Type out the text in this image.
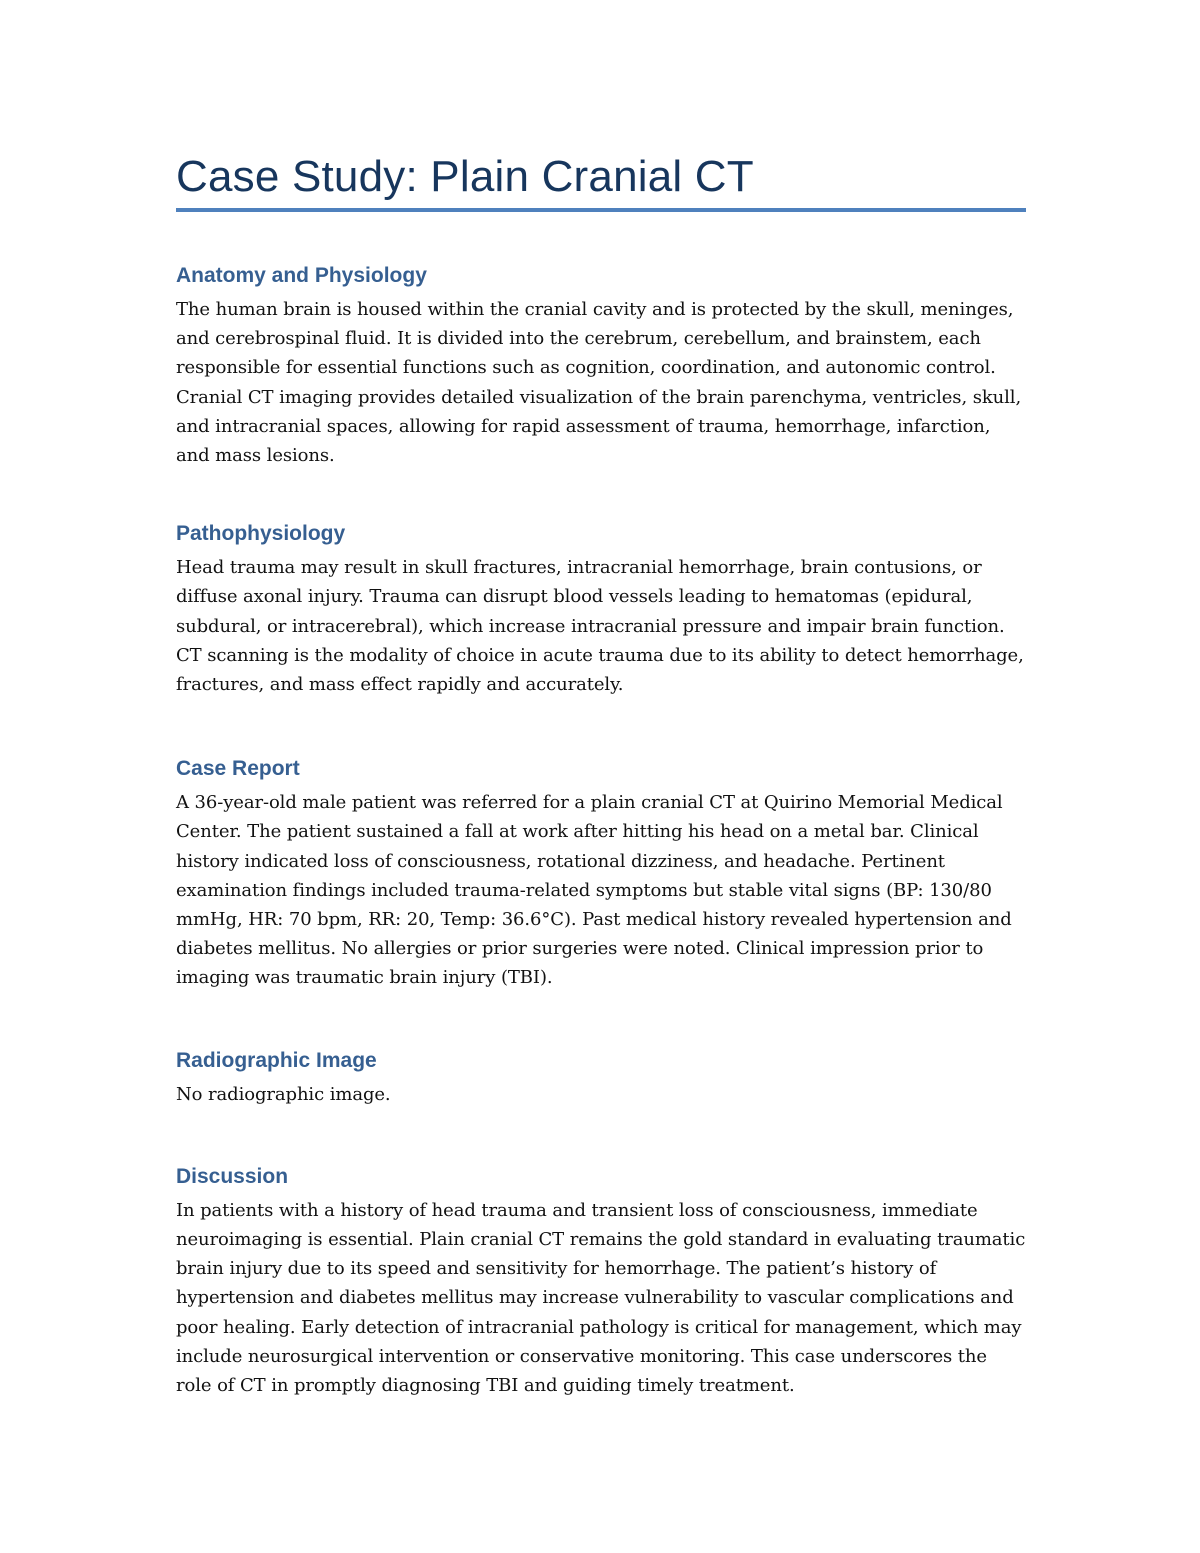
Case Study: Plain Cranial CT
Anatomy and Physiology

The human brain is housed within the cranial cavity and is protected by the skull, meninges, and cerebrospinal fluid. It is divided into the cerebrum, cerebellum, and brainstem, each responsible for essential functions such as cognition, coordination, and autonomic control. Cranial CT imaging provides detailed visualization of the brain parenchyma, ventricles, skull, and intracranial spaces, allowing for rapid assessment of trauma, hemorrhage, infarction, and mass lesions.

Pathophysiology

Head trauma may result in skull fractures, intracranial hemorrhage, brain contusions, or diffuse axonal injury. Trauma can disrupt blood vessels leading to hematomas (epidural, subdural, or intracerebral), which increase intracranial pressure and impair brain function. CT scanning is the modality of choice in acute trauma due to its ability to detect hemorrhage, fractures, and mass effect rapidly and accurately.

Case Report

A 36-year-old male patient was referred for a plain cranial CT at Quirino Memorial Medical Center. The patient sustained a fall at work after hitting his head on a metal bar. Clinical history indicated loss of consciousness, rotational dizziness, and headache. Pertinent examination findings included trauma-related symptoms but stable vital signs (BP: 130/80 mmHg, HR: 70 bpm, RR: 20, Temp: 36.6°C). Past medical history revealed hypertension and diabetes mellitus. No allergies or prior surgeries were noted. Clinical impression prior to imaging was traumatic brain injury (TBI).

Radiographic Image

No radiographic image.

Discussion

In patients with a history of head trauma and transient loss of consciousness, immediate neuroimaging is essential. Plain cranial CT remains the gold standard in evaluating traumatic brain injury due to its speed and sensitivity for hemorrhage. The patient’s history of hypertension and diabetes mellitus may increase vulnerability to vascular complications and poor healing. Early detection of intracranial pathology is critical for management, which may include neurosurgical intervention or conservative monitoring. This case underscores the role of CT in promptly diagnosing TBI and guiding timely treatment.
